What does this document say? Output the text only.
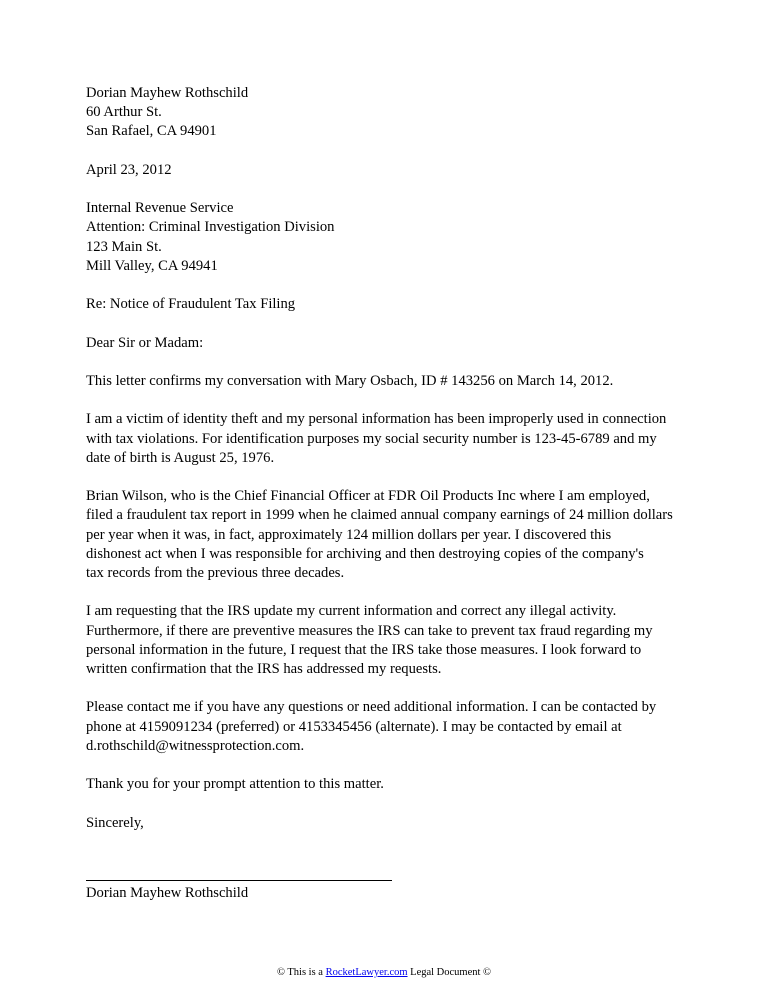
Dorian Mayhew Rothschild
60 Arthur St.
San Rafael, CA 94901
April 23, 2012
Internal Revenue Service
Attention: Criminal Investigation Division
123 Main St.
Mill Valley, CA 94941
Re: Notice of Fraudulent Tax Filing
Dear Sir or Madam:
This letter confirms my conversation with Mary Osbach, ID # 143256 on March 14, 2012.
I am a victim of identity theft and my personal information has been improperly used in connection
with tax violations. For identification purposes my social security number is 123-45-6789 and my
date of birth is August 25, 1976.
Brian Wilson, who is the Chief Financial Officer at FDR Oil Products Inc where I am employed,
filed a fraudulent tax report in 1999 when he claimed annual company earnings of 24 million dollars
per year when it was, in fact, approximately 124 million dollars per year. I discovered this
dishonest act when I was responsible for archiving and then destroying copies of the company's
tax records from the previous three decades.
I am requesting that the IRS update my current information and correct any illegal activity.
Furthermore, if there are preventive measures the IRS can take to prevent tax fraud regarding my
personal information in the future, I request that the IRS take those measures. I look forward to
written confirmation that the IRS has addressed my requests.
Please contact me if you have any questions or need additional information. I can be contacted by
phone at 4159091234 (preferred) or 4153345456 (alternate). I may be contacted by email at
d.rothschild@witnessprotection.com.
Thank you for your prompt attention to this matter.
Sincerely,
Dorian Mayhew Rothschild
© This is a RocketLawyer.com Legal Document ©
